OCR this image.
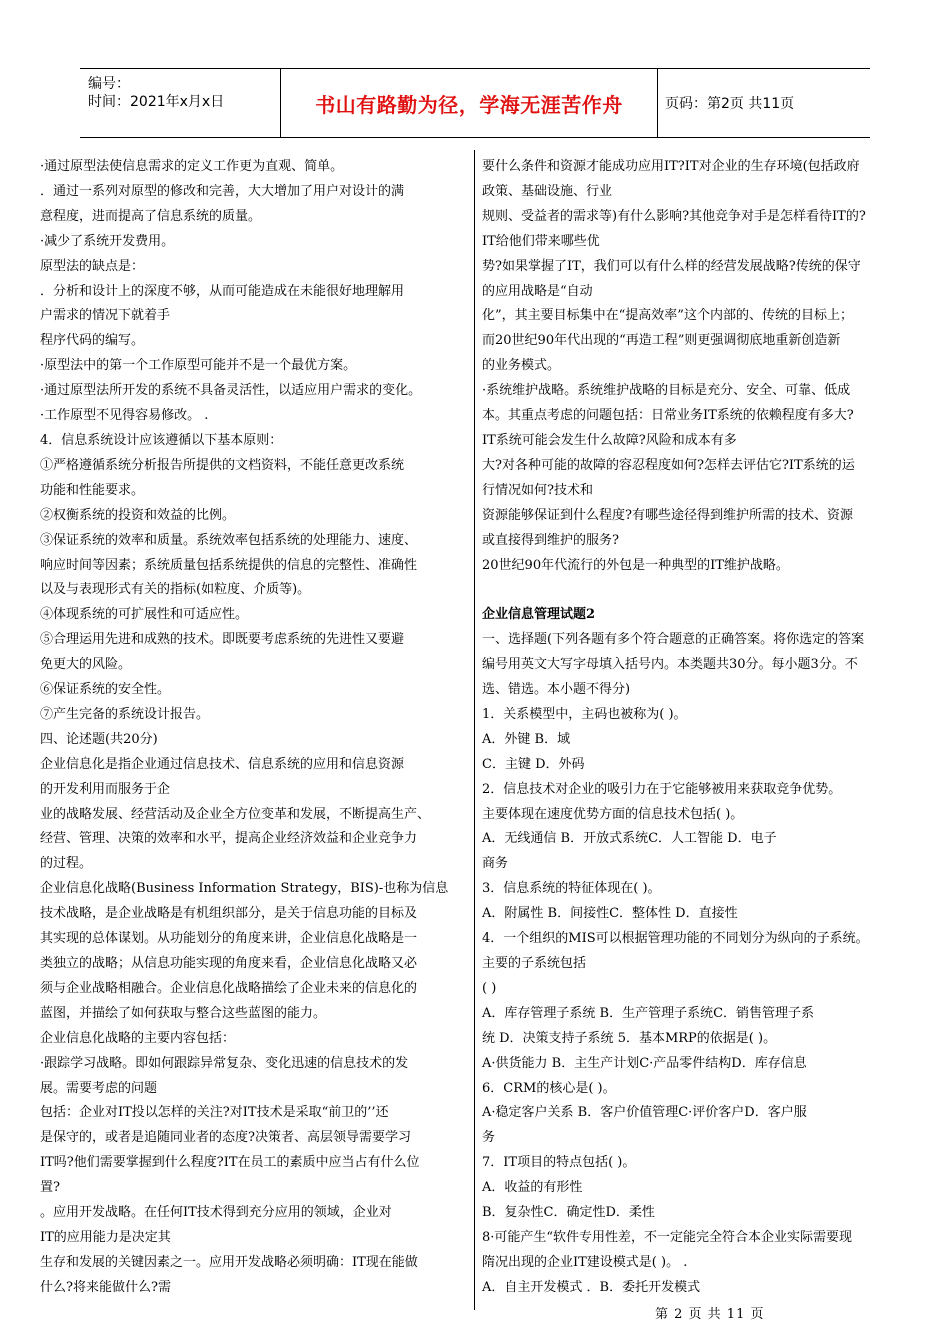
编号：
时间：2021年x月x日	书山有路勤为径，学海无涯苦作舟	页码：第2页 共11页

·通过原型法使信息需求的定义工作更为直观、简单。

．通过一系列对原型的修改和完善，大大增加了用户对设计的满

意程度，进而提高了信息系统的质量。

·减少了系统开发费用。

原型法的缺点是：

．分析和设计上的深度不够，从而可能造成在未能很好地理解用

户需求的情况下就着手

程序代码的编写。

·原型法中的第一个工作原型可能并不是一个最优方案。

·通过原型法所开发的系统不具备灵活性，以适应用户需求的变化。

·工作原型不见得容易修改。 .

4．信息系统设计应该遵循以下基本原则：

①严格遵循系统分析报告所提供的文档资料，不能任意更改系统

功能和性能要求。

②权衡系统的投资和效益的比例。

③保证系统的效率和质量。系统效率包括系统的处理能力、速度、

响应时间等因素；系统质量包括系统提供的信息的完整性、准确性

以及与表现形式有关的指标(如粒度、介质等)。

④体现系统的可扩展性和可适应性。

⑤合理运用先进和成熟的技术。即既要考虑系统的先进性又要避

免更大的风险。

⑥保证系统的安全性。

⑦产生完备的系统设计报告。

四、论述题(共20分)

企业信息化是指企业通过信息技术、信息系统的应用和信息资源

的开发利用而服务于企

业的战略发展、经营活动及企业全方位变革和发展，不断提高生产、

经营、管理、决策的效率和水平，提高企业经济效益和企业竞争力

的过程。

企业信息化战略(Business Information Strategy，BIS)-也称为信息

技术战略，是企业战略是有机组织部分，是关于信息功能的目标及

其实现的总体谋划。从功能划分的角度来讲，企业信息化战略是一

类独立的战略；从信息功能实现的角度来看，企业信息化战略又必

须与企业战略相融合。企业信息化战略描绘了企业未来的信息化的

蓝图，并描绘了如何获取与整合这些蓝图的能力。

企业信息化战略的主要内容包括：

·跟踪学习战略。即如何跟踪异常复杂、变化迅速的信息技术的发

展。需要考虑的问题

包括：企业对IT投以怎样的关注?对IT技术是采取“前卫的’’还

是保守的，或者是追随同业者的态度?决策者、高层领导需要学习

IT吗?他们需要掌握到什么程度?IT在员工的素质中应当占有什么位

置?

。应用开发战略。在任何IT技术得到充分应用的领域，企业对

IT的应用能力是决定其

生存和发展的关键因素之一。应用开发战略必须明确：IT现在能做

什么?将来能做什么?需

要什么条件和资源才能成功应用IT?IT对企业的生存环境(包括政府

政策、基础设施、行业

规则、受益者的需求等)有什么影响?其他竞争对手是怎样看待IT的?

IT给他们带来哪些优

势?如果掌握了IT，我们可以有什么样的经营发展战略?传统的保守

的应用战略是“自动

化”，其主要目标集中在“提高效率”这个内部的、传统的目标上；

而20世纪90年代出现的“再造工程”则更强调彻底地重新创造新

的业务模式。

·系统维护战略。系统维护战略的目标是充分、安全、可靠、低成

本。其重点考虑的问题包括：日常业务IT系统的依赖程度有多大?

IT系统可能会发生什么故障?风险和成本有多

大?对各种可能的故障的容忍程度如何?怎样去评估它?IT系统的运

行情况如何?技术和

资源能够保证到什么程度?有哪些途径得到维护所需的技术、资源

或直接得到维护的服务?

20世纪90年代流行的外包是一种典型的IT维护战略。

企业信息管理试题2

一、选择题(下列各题有多个符合题意的正确答案。将你选定的答案

编号用英文大写字母填入括号内。本类题共30分。每小题3分。不

选、错选。本小题不得分)

1．关系模型中，主码也被称为( )。

A．外键 B．域

C．主键 D．外码

2．信息技术对企业的吸引力在于它能够被用来获取竞争优势。

主要体现在速度优势方面的信息技术包括( )。

A．无线通信 B．开放式系统C．人工智能 D．电子

商务

3．信息系统的特征体现在( )。

A．附属性 B．间接性C．整体性 D．直接性

4．一个组织的MIS可以根据管理功能的不同划分为纵向的子系统。

主要的子系统包括

( )

A．库存管理子系统 B．生产管理子系统C．销售管理子系

统 D．决策支持子系统 5．基本MRP的依据是( )。

A·供货能力 B．主生产计划C·产品零件结构D．库存信息

6．CRM的核心是( )。

A·稳定客户关系 B．客户价值管理C·评价客户D．客户服

务

7．IT项目的特点包括( )。

A．收益的有形性

B．复杂性C．确定性D．柔性

8·可能产生“软件专用性差，不一定能完全符合本企业实际需要现

隋况出现的企业IT建设模式是( )。 .

A．自主开发模式 ．B．委托开发模式

第 2 页 共 11 页
